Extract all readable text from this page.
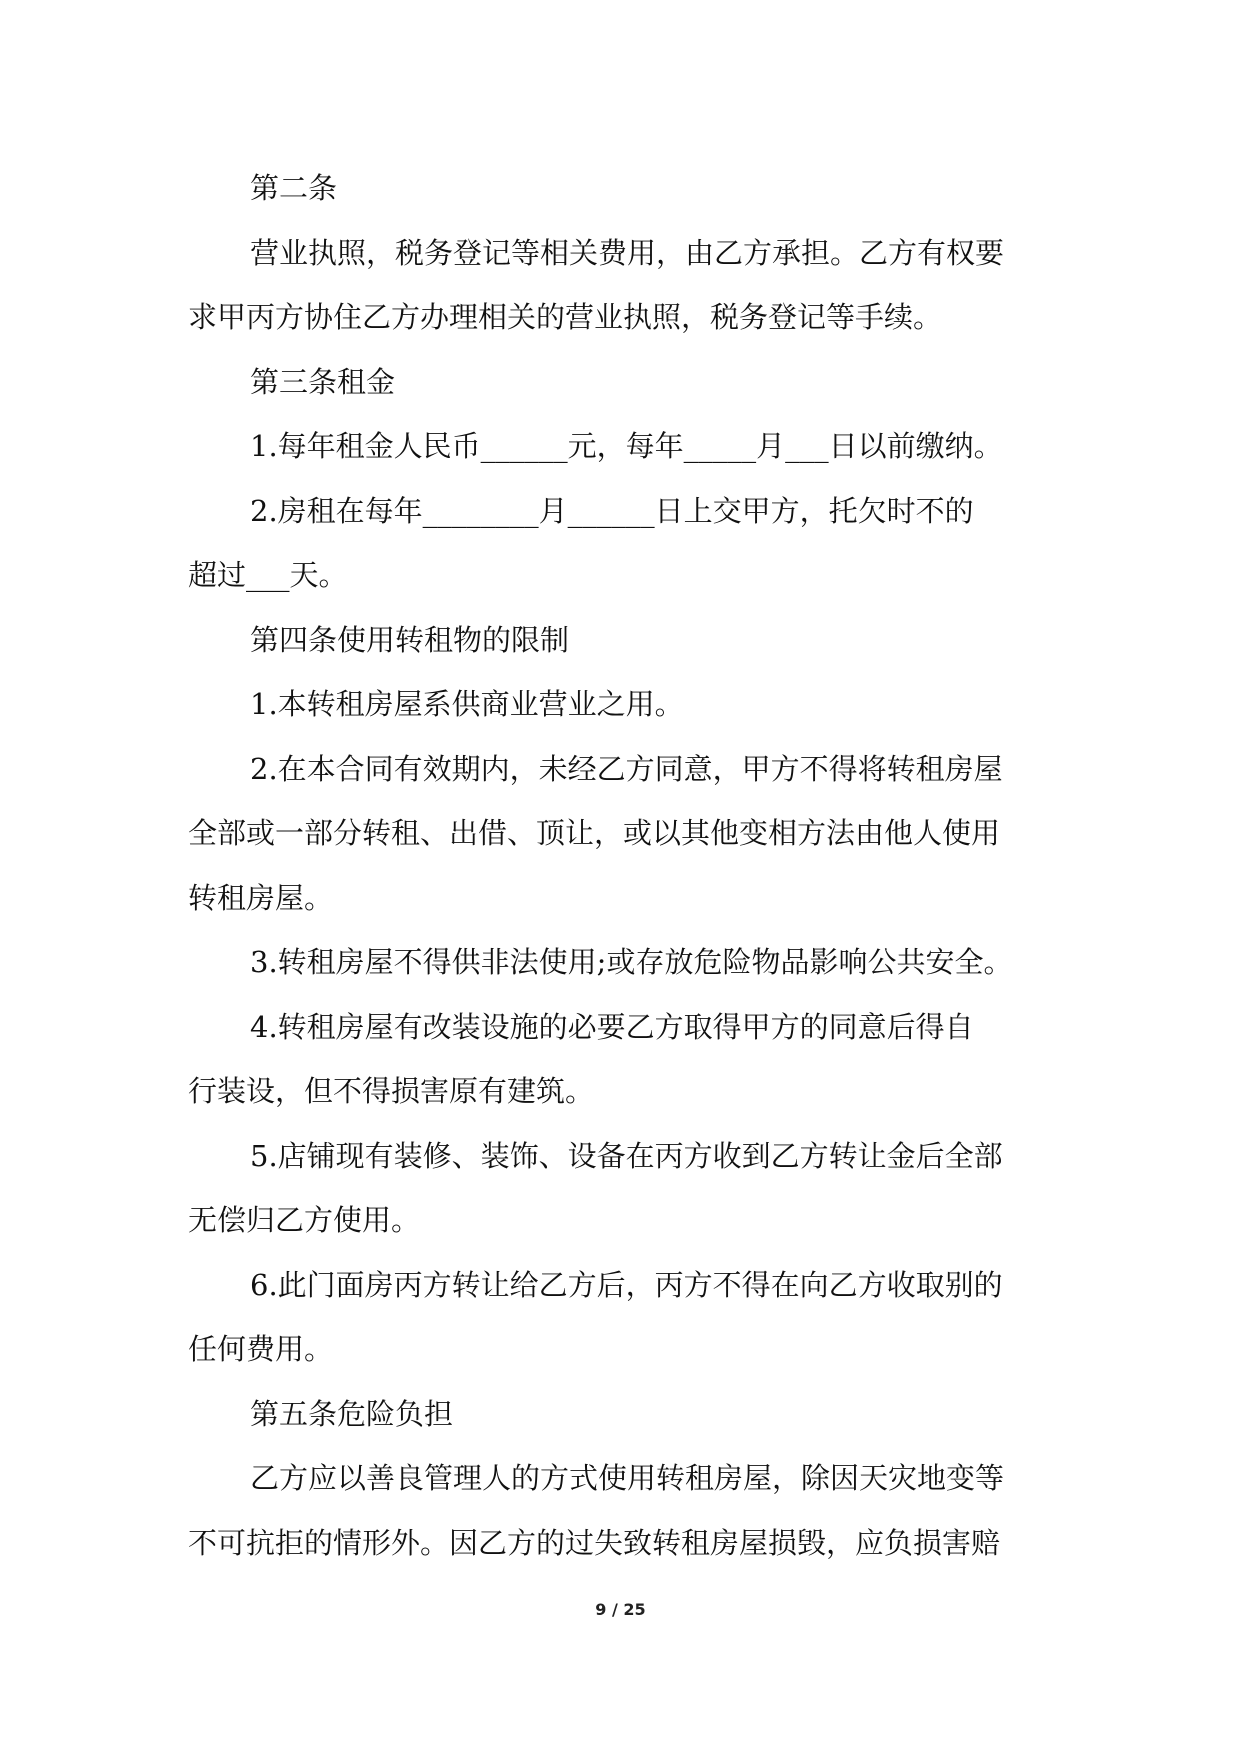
第二条
营业执照，税务登记等相关费用，由乙方承担。乙方有权要
求甲丙方协住乙方办理相关的营业执照，税务登记等手续。
第三条租金
1.每年租金人民币______元，每年_____月___日以前缴纳。
2.房租在每年________月______日上交甲方，托欠时不的
超过___天。
第四条使用转租物的限制
1.本转租房屋系供商业营业之用。
2.在本合同有效期内，未经乙方同意，甲方不得将转租房屋
全部或一部分转租、出借、顶让，或以其他变相方法由他人使用
转租房屋。
3.转租房屋不得供非法使用;或存放危险物品影响公共安全。
4.转租房屋有改装设施的必要乙方取得甲方的同意后得自
行装设，但不得损害原有建筑。
5.店铺现有装修、装饰、设备在丙方收到乙方转让金后全部
无偿归乙方使用。
6.此门面房丙方转让给乙方后，丙方不得在向乙方收取别的
任何费用。
第五条危险负担
乙方应以善良管理人的方式使用转租房屋，除因天灾地变等
不可抗拒的情形外。因乙方的过失致转租房屋损毁，应负损害赔
9 / 25
